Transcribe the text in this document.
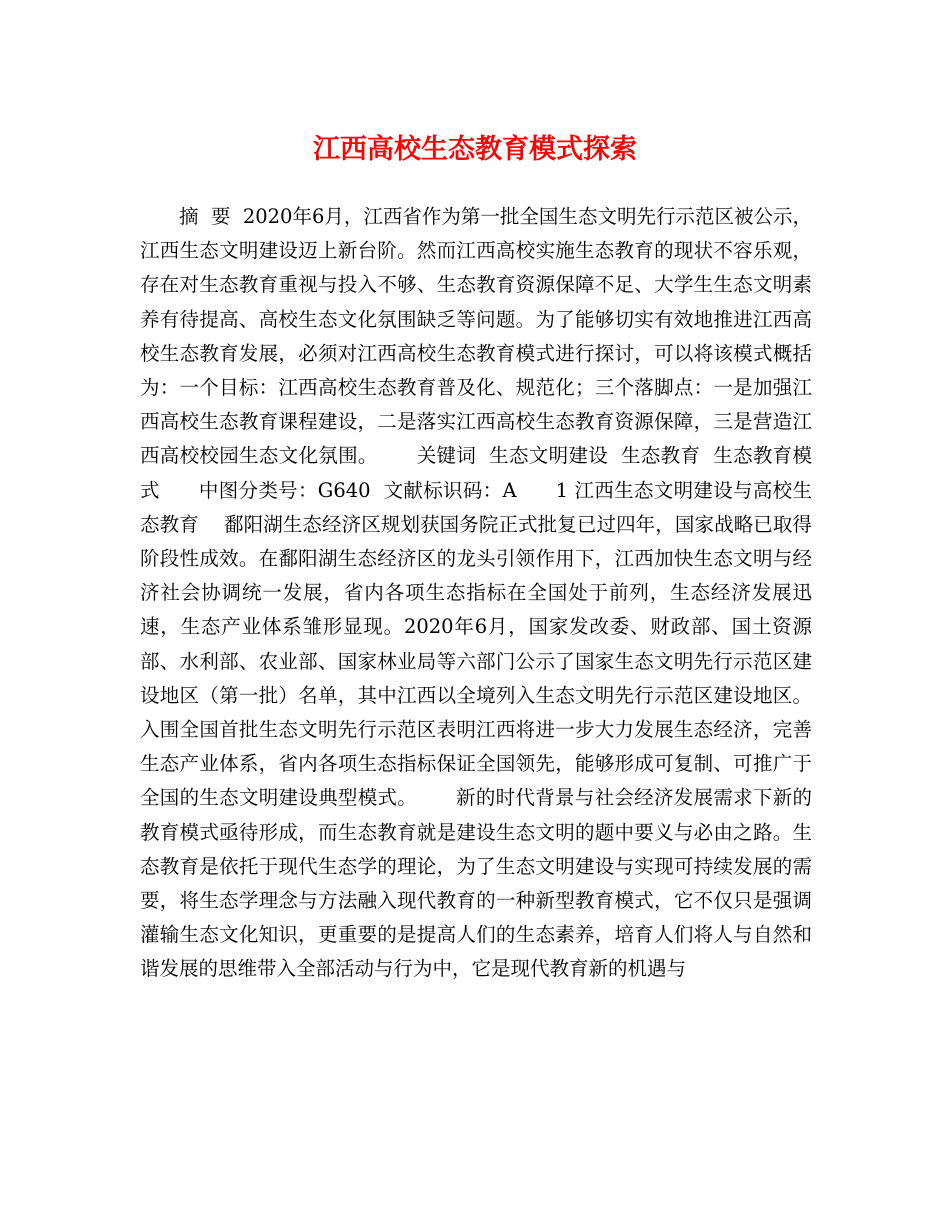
江西高校生态教育模式探索

摘  要  2020年6月，江西省作为第一批全国生态文明先行示范区被公示，江西生态文明建设迈上新台阶。然而江西高校实施生态教育的现状不容乐观，存在对生态教育重视与投入不够、生态教育资源保障不足、大学生生态文明素养有待提高、高校生态文化氛围缺乏等问题。为了能够切实有效地推进江西高校生态教育发展，必须对江西高校生态教育模式进行探讨，可以将该模式概括为：一个目标：江西高校生态教育普及化、规范化；三个落脚点：一是加强江西高校生态教育课程建设，二是落实江西高校生态教育资源保障，三是营造江西高校校园生态文化氛围。      关键词  生态文明建设  生态教育  生态教育模式      中图分类号：G640  文献标识码：A      1 江西生态文明建设与高校生态教育    鄱阳湖生态经济区规划获国务院正式批复已过四年，国家战略已取得阶段性成效。在鄱阳湖生态经济区的龙头引领作用下，江西加快生态文明与经济社会协调统一发展，省内各项生态指标在全国处于前列，生态经济发展迅速，生态产业体系雏形显现。2020年6月，国家发改委、财政部、国土资源部、水利部、农业部、国家林业局等六部门公示了国家生态文明先行示范区建设地区（第一批）名单，其中江西以全境列入生态文明先行示范区建设地区。入围全国首批生态文明先行示范区表明江西将进一步大力发展生态经济，完善生态产业体系，省内各项生态指标保证全国领先，能够形成可复制、可推广于全国的生态文明建设典型模式。      新的时代背景与社会经济发展需求下新的教育模式亟待形成，而生态教育就是建设生态文明的题中要义与必由之路。生态教育是依托于现代生态学的理论，为了生态文明建设与实现可持续发展的需要，将生态学理念与方法融入现代教育的一种新型教育模式，它不仅只是强调灌输生态文化知识，更重要的是提高人们的生态素养，培育人们将人与自然和谐发展的思维带入全部活动与行为中，它是现代教育新的机遇与
